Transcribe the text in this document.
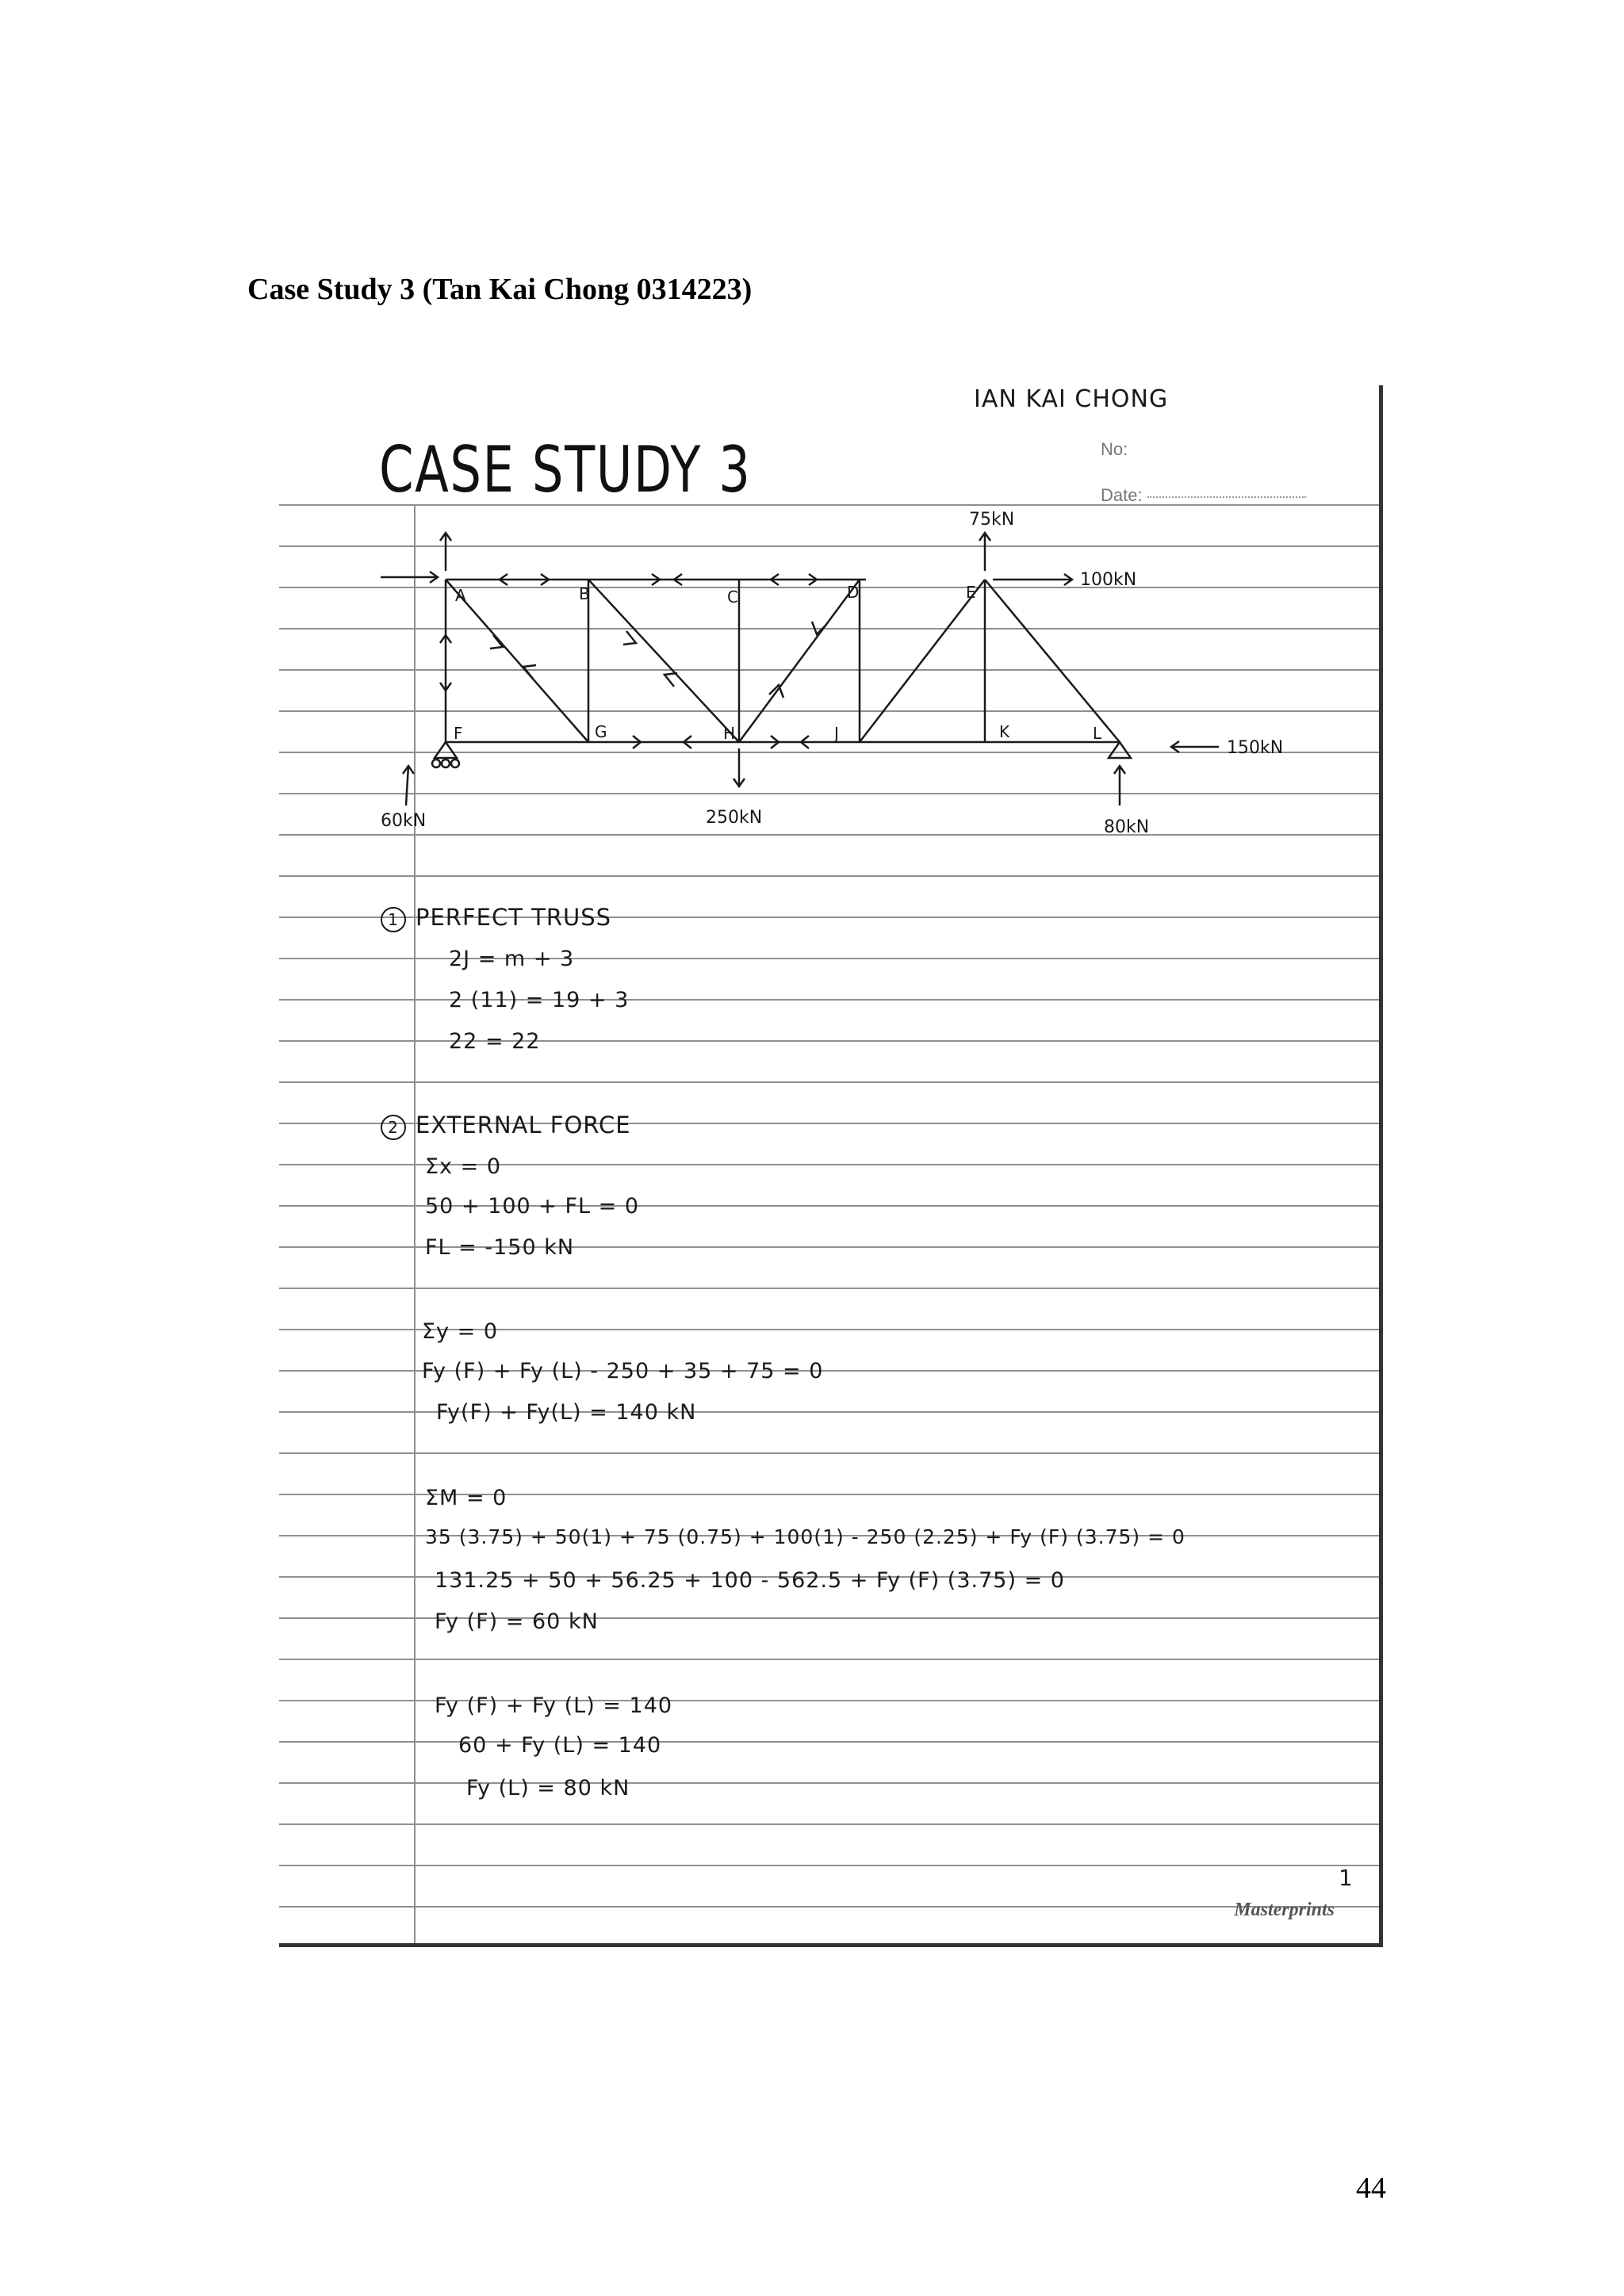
Case Study 3 (Tan Kai Chong 0314223)
IAN KAI CHONG
CASE STUDY 3	No:
Date:
A	B	C	D	E
F	G	H	J	K	L
75kN
100kN
150kN
60kN	250kN	80kN
1 PERFECT TRUSS
2J = m + 3
2 (11) = 19 + 3
22 = 22
2 EXTERNAL FORCE
Σx = 0
50 + 100 + FL = 0
FL = -150 kN
Σy = 0
Fy (F) + Fy (L) - 250 + 35 + 75 = 0
Fy(F) + Fy(L) = 140 kN
ΣM = 0
35 (3.75) + 50(1) + 75 (0.75) + 100(1) - 250 (2.25) + Fy (F) (3.75) = 0
131.25 + 50 + 56.25 + 100 - 562.5 + Fy (F) (3.75) = 0
Fy (F) = 60 kN
Fy (F) + Fy (L) = 140
60 + Fy (L) = 140
Fy (L) = 80 kN
1
Masterprints
44
